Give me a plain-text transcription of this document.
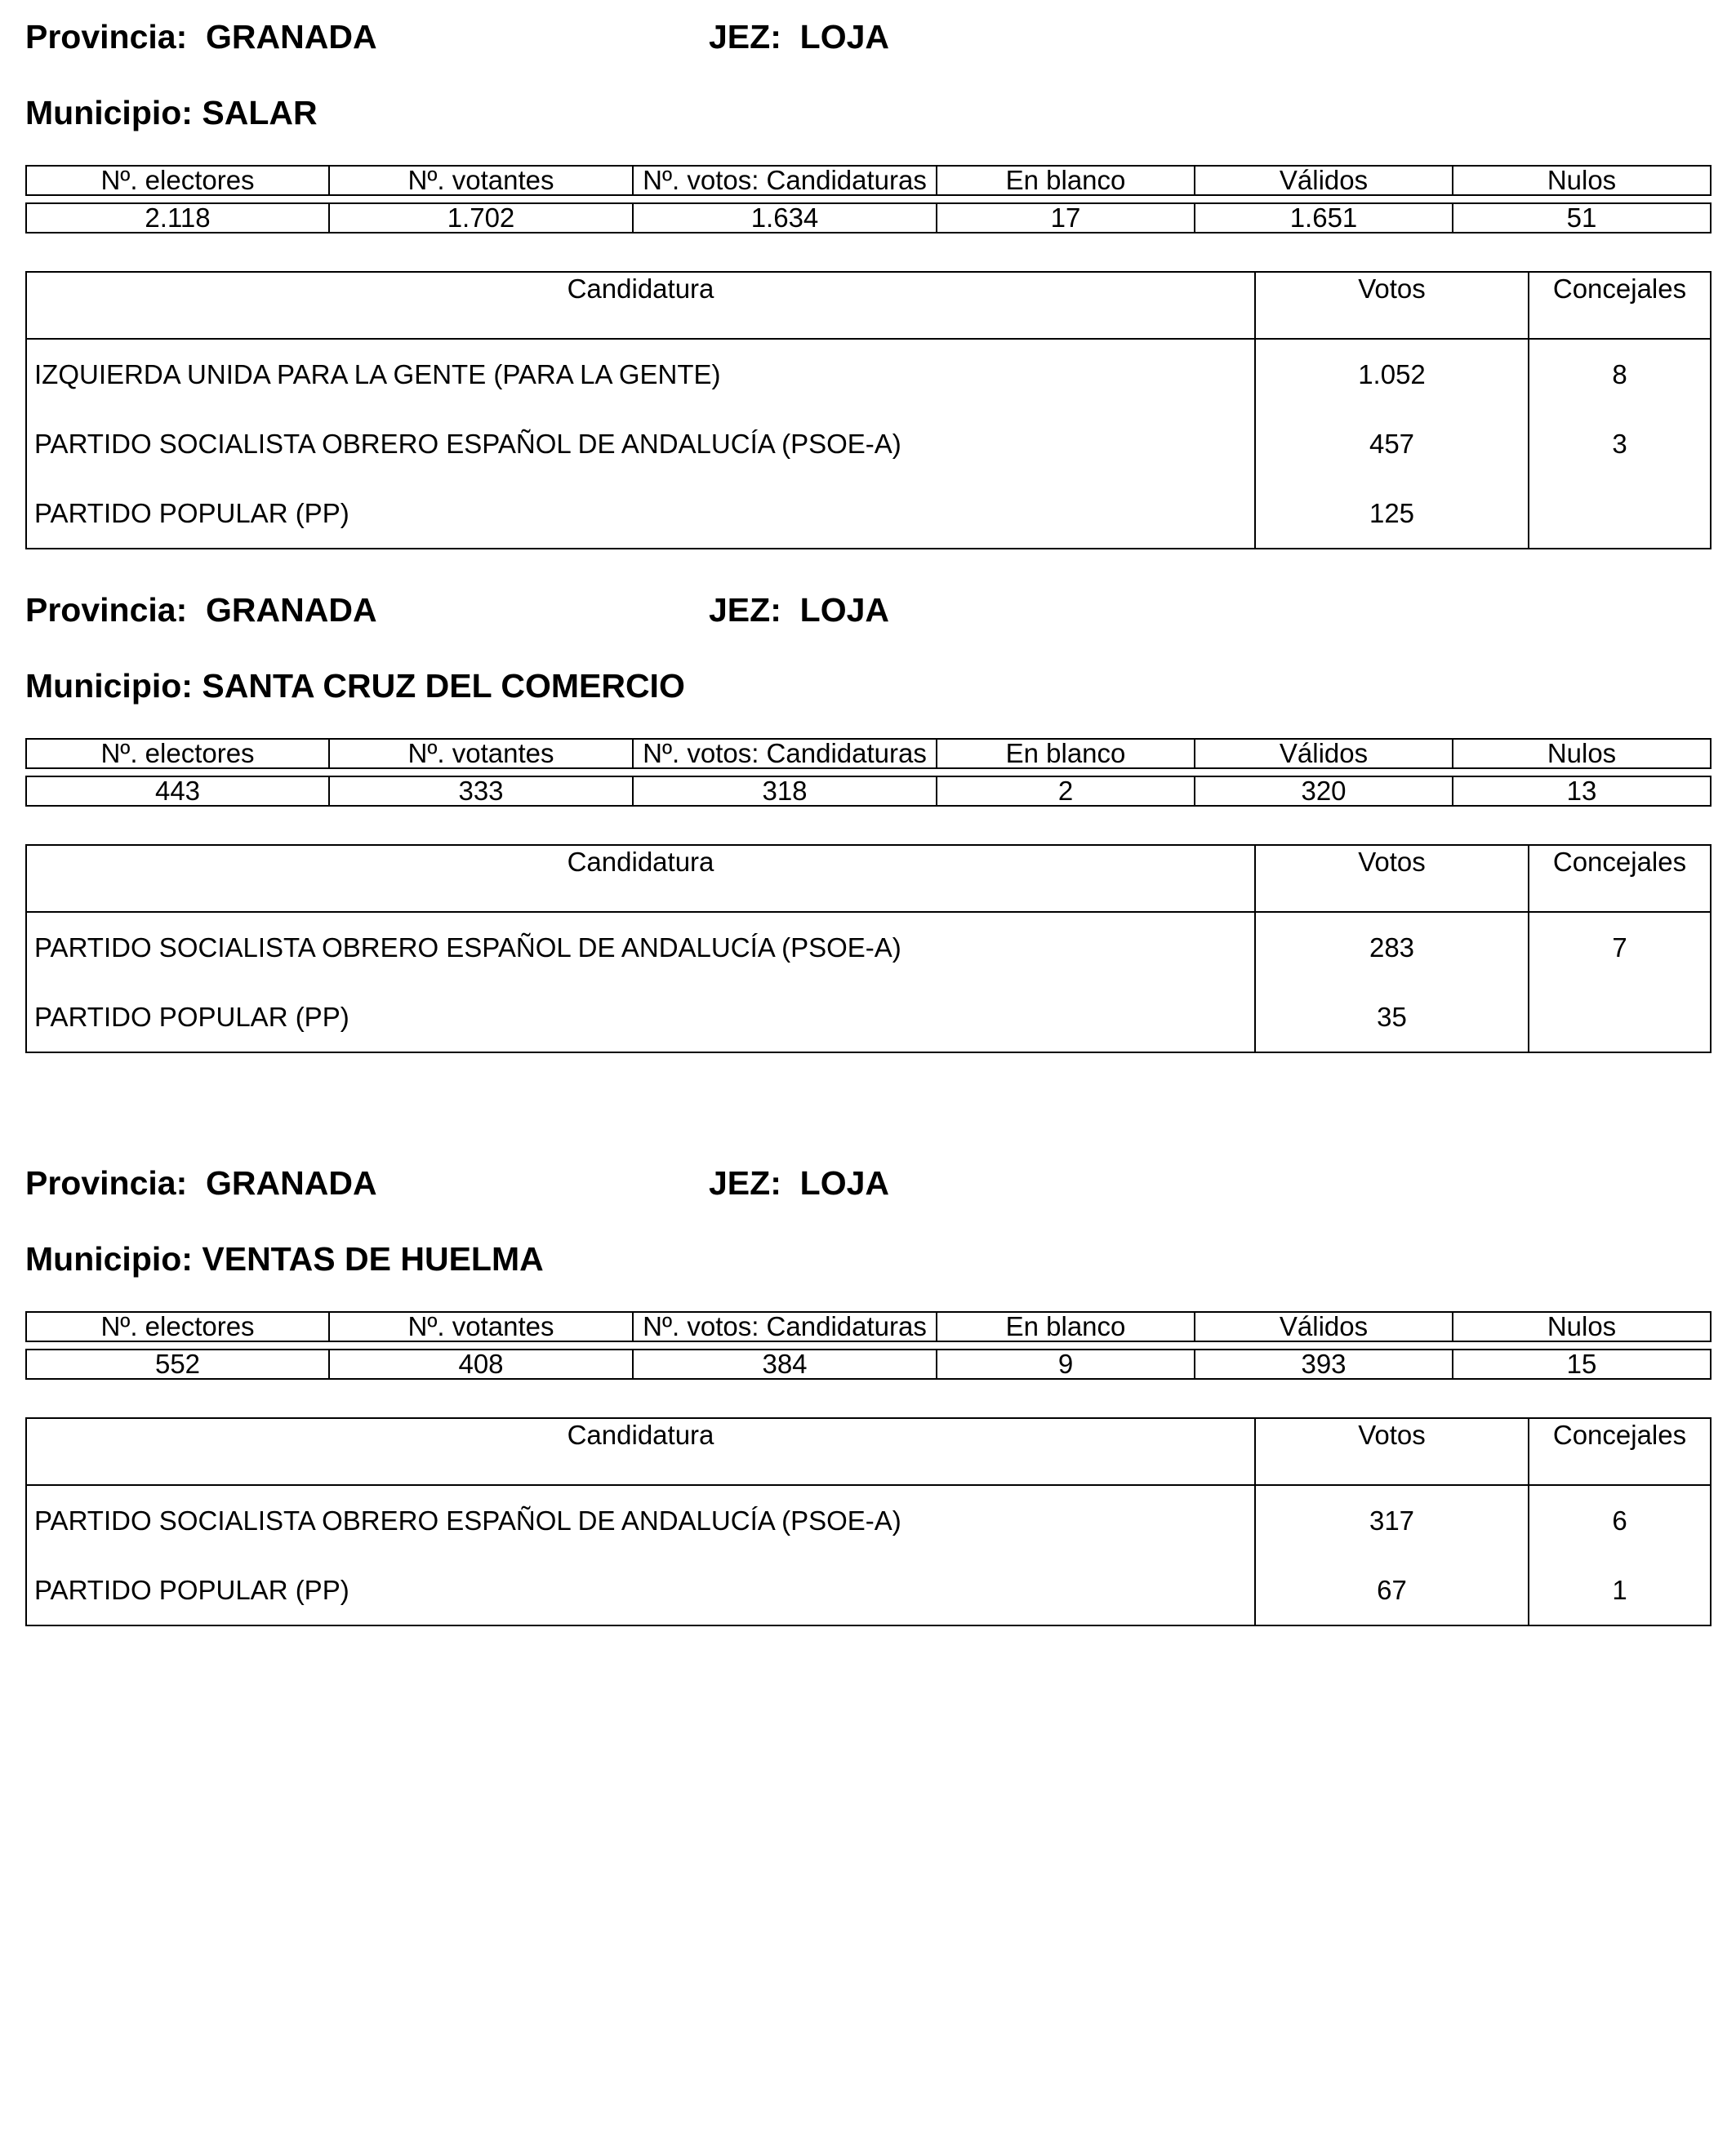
Provincia: GRANADA	JEZ: LOJA
Municipio: SALAR
Nº. electores	Nº. votantes	Nº. votos: Candidaturas	En blanco	Válidos	Nulos

2.118	1.702	1.634	17	1.651	51
Candidatura	Votos	Concejales
IZQUIERDA UNIDA PARA LA GENTE (PARA LA GENTE)	1.052	8
PARTIDO SOCIALISTA OBRERO ESPAÑOL DE ANDALUCÍA (PSOE-A)	457	3
PARTIDO POPULAR (PP)	125	
Provincia: GRANADA	JEZ: LOJA
Municipio: SANTA CRUZ DEL COMERCIO
Nº. electores	Nº. votantes	Nº. votos: Candidaturas	En blanco	Válidos	Nulos

443	333	318	2	320	13
Candidatura	Votos	Concejales
PARTIDO SOCIALISTA OBRERO ESPAÑOL DE ANDALUCÍA (PSOE-A)	283	7
PARTIDO POPULAR (PP)	35	
Provincia: GRANADA	JEZ: LOJA
Municipio: VENTAS DE HUELMA
Nº. electores	Nº. votantes	Nº. votos: Candidaturas	En blanco	Válidos	Nulos

552	408	384	9	393	15
Candidatura	Votos	Concejales
PARTIDO SOCIALISTA OBRERO ESPAÑOL DE ANDALUCÍA (PSOE-A)	317	6
PARTIDO POPULAR (PP)	67	1
